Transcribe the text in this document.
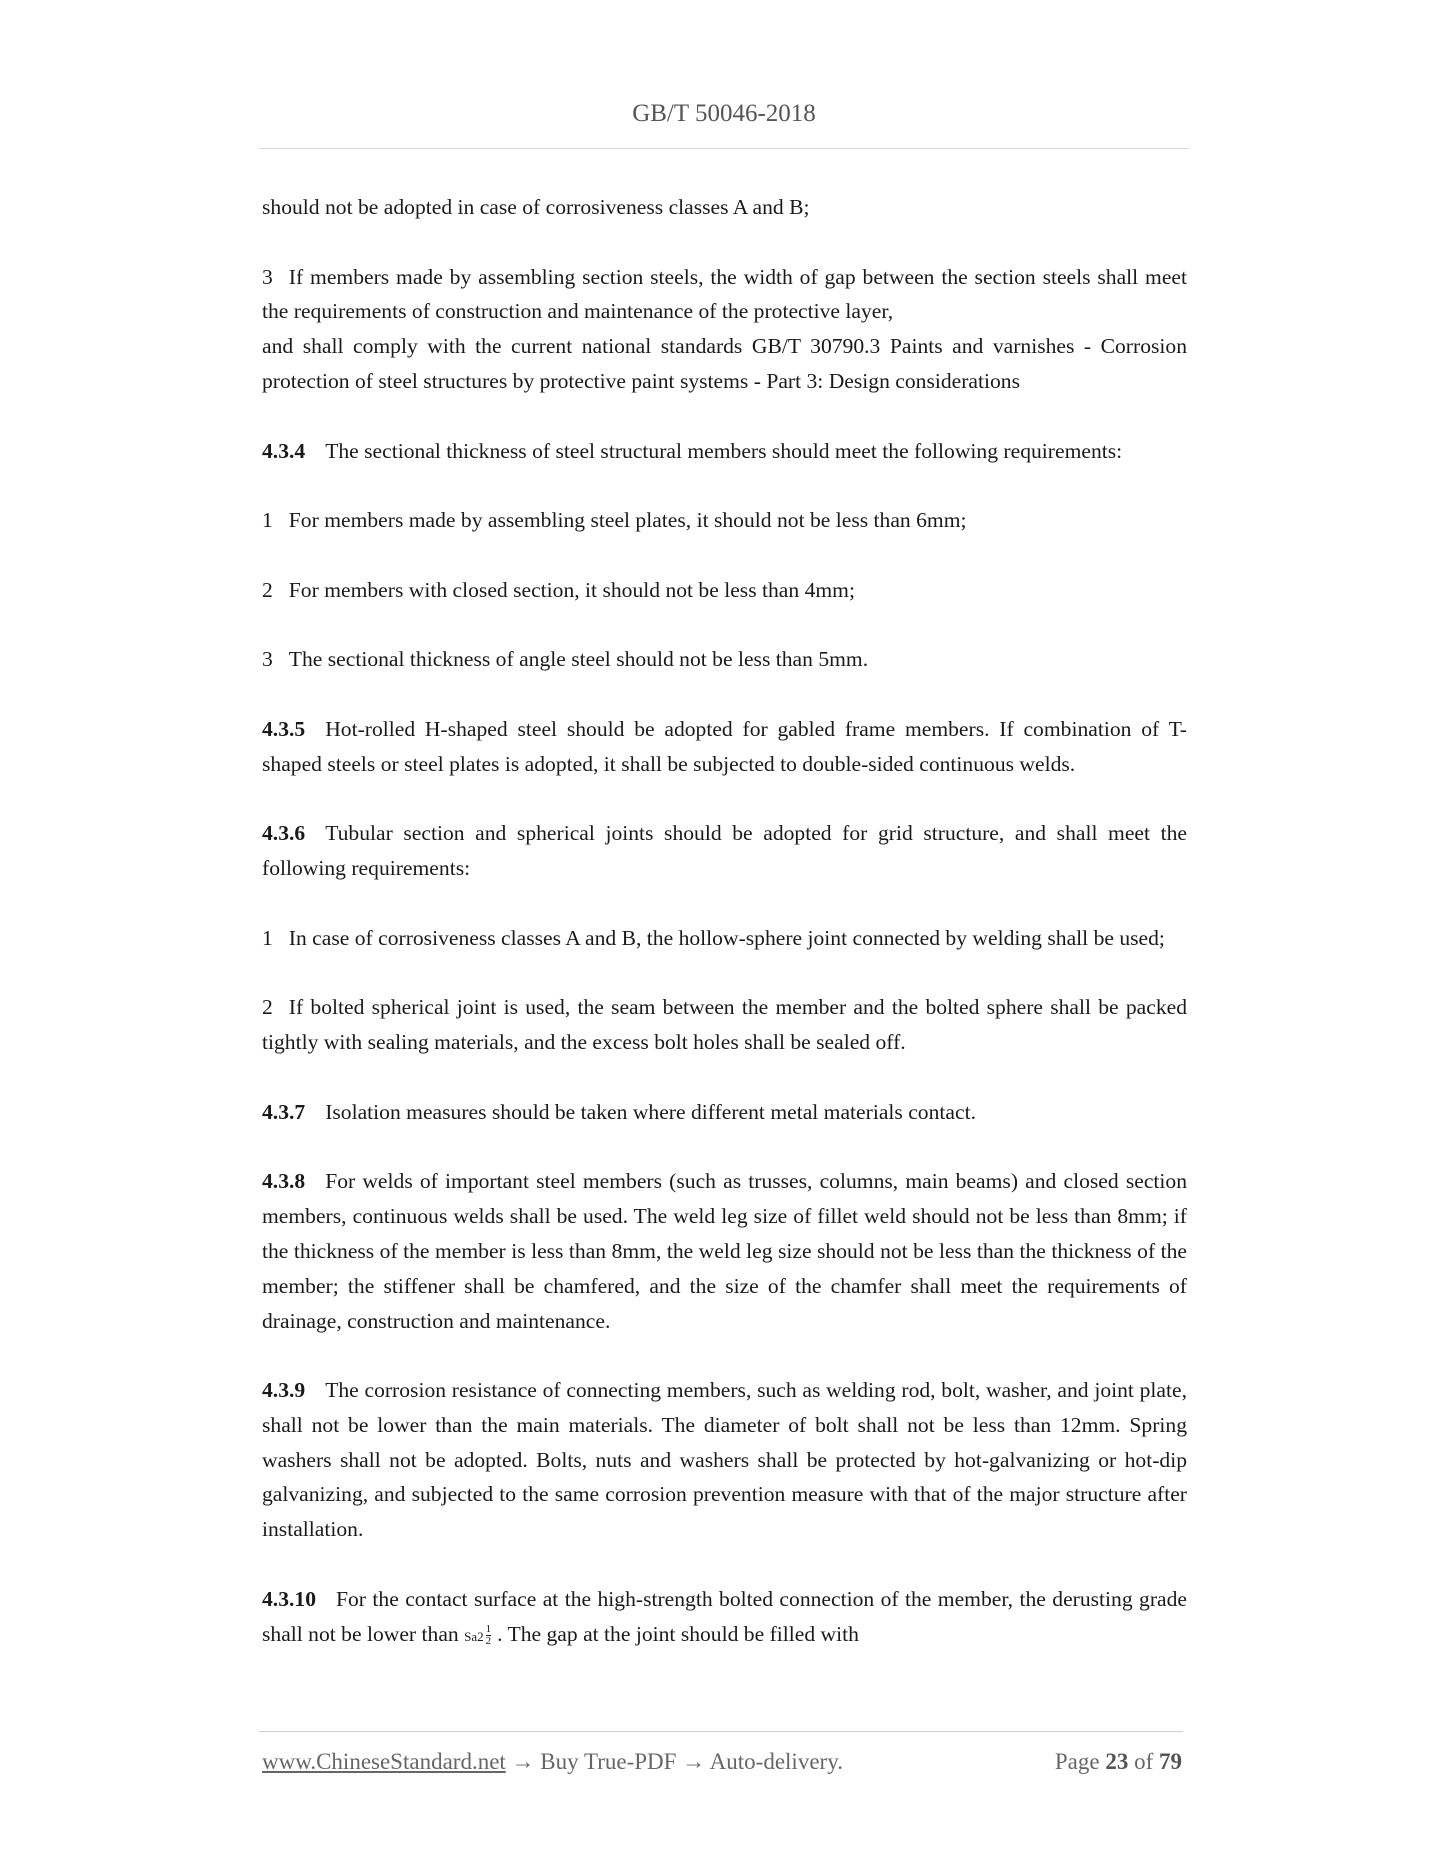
GB/T 50046-2018

should not be adopted in case of corrosiveness classes A and B;

3 If members made by assembling section steels, the width of gap between the section steels shall meet the requirements of construction and maintenance of the protective layer,

and shall comply with the current national standards GB/T 30790.3 Paints and varnishes - Corrosion protection of steel structures by protective paint systems - Part 3: Design considerations

4.3.4 The sectional thickness of steel structural members should meet the following requirements:

1 For members made by assembling steel plates, it should not be less than 6mm;

2 For members with closed section, it should not be less than 4mm;

3 The sectional thickness of angle steel should not be less than 5mm.

4.3.5 Hot-rolled H-shaped steel should be adopted for gabled frame members. If combination of T-shaped steels or steel plates is adopted, it shall be subjected to double-sided continuous welds.

4.3.6 Tubular section and spherical joints should be adopted for grid structure, and shall meet the following requirements:

1 In case of corrosiveness classes A and B, the hollow-sphere joint connected by welding shall be used;

2 If bolted spherical joint is used, the seam between the member and the bolted sphere shall be packed tightly with sealing materials, and the excess bolt holes shall be sealed off.

4.3.7 Isolation measures should be taken where different metal materials contact.

4.3.8 For welds of important steel members (such as trusses, columns, main beams) and closed section members, continuous welds shall be used. The weld leg size of fillet weld should not be less than 8mm; if the thickness of the member is less than 8mm, the weld leg size should not be less than the thickness of the member; the stiffener shall be chamfered, and the size of the chamfer shall meet the requirements of drainage, construction and maintenance.

4.3.9 The corrosion resistance of connecting members, such as welding rod, bolt, washer, and joint plate, shall not be lower than the main materials. The diameter of bolt shall not be less than 12mm. Spring washers shall not be adopted. Bolts, nuts and washers shall be protected by hot-galvanizing or hot-dip galvanizing, and subjected to the same corrosion prevention measure with that of the major structure after installation.

4.3.10 For the contact surface at the high-strength bolted connection of the member, the derusting grade shall not be lower than $Sa2 \frac{1}{2}$ . The gap at the joint should be filled with

www.ChineseStandard.net → Buy True-PDF → Auto-delivery.	Page 23 of 79
